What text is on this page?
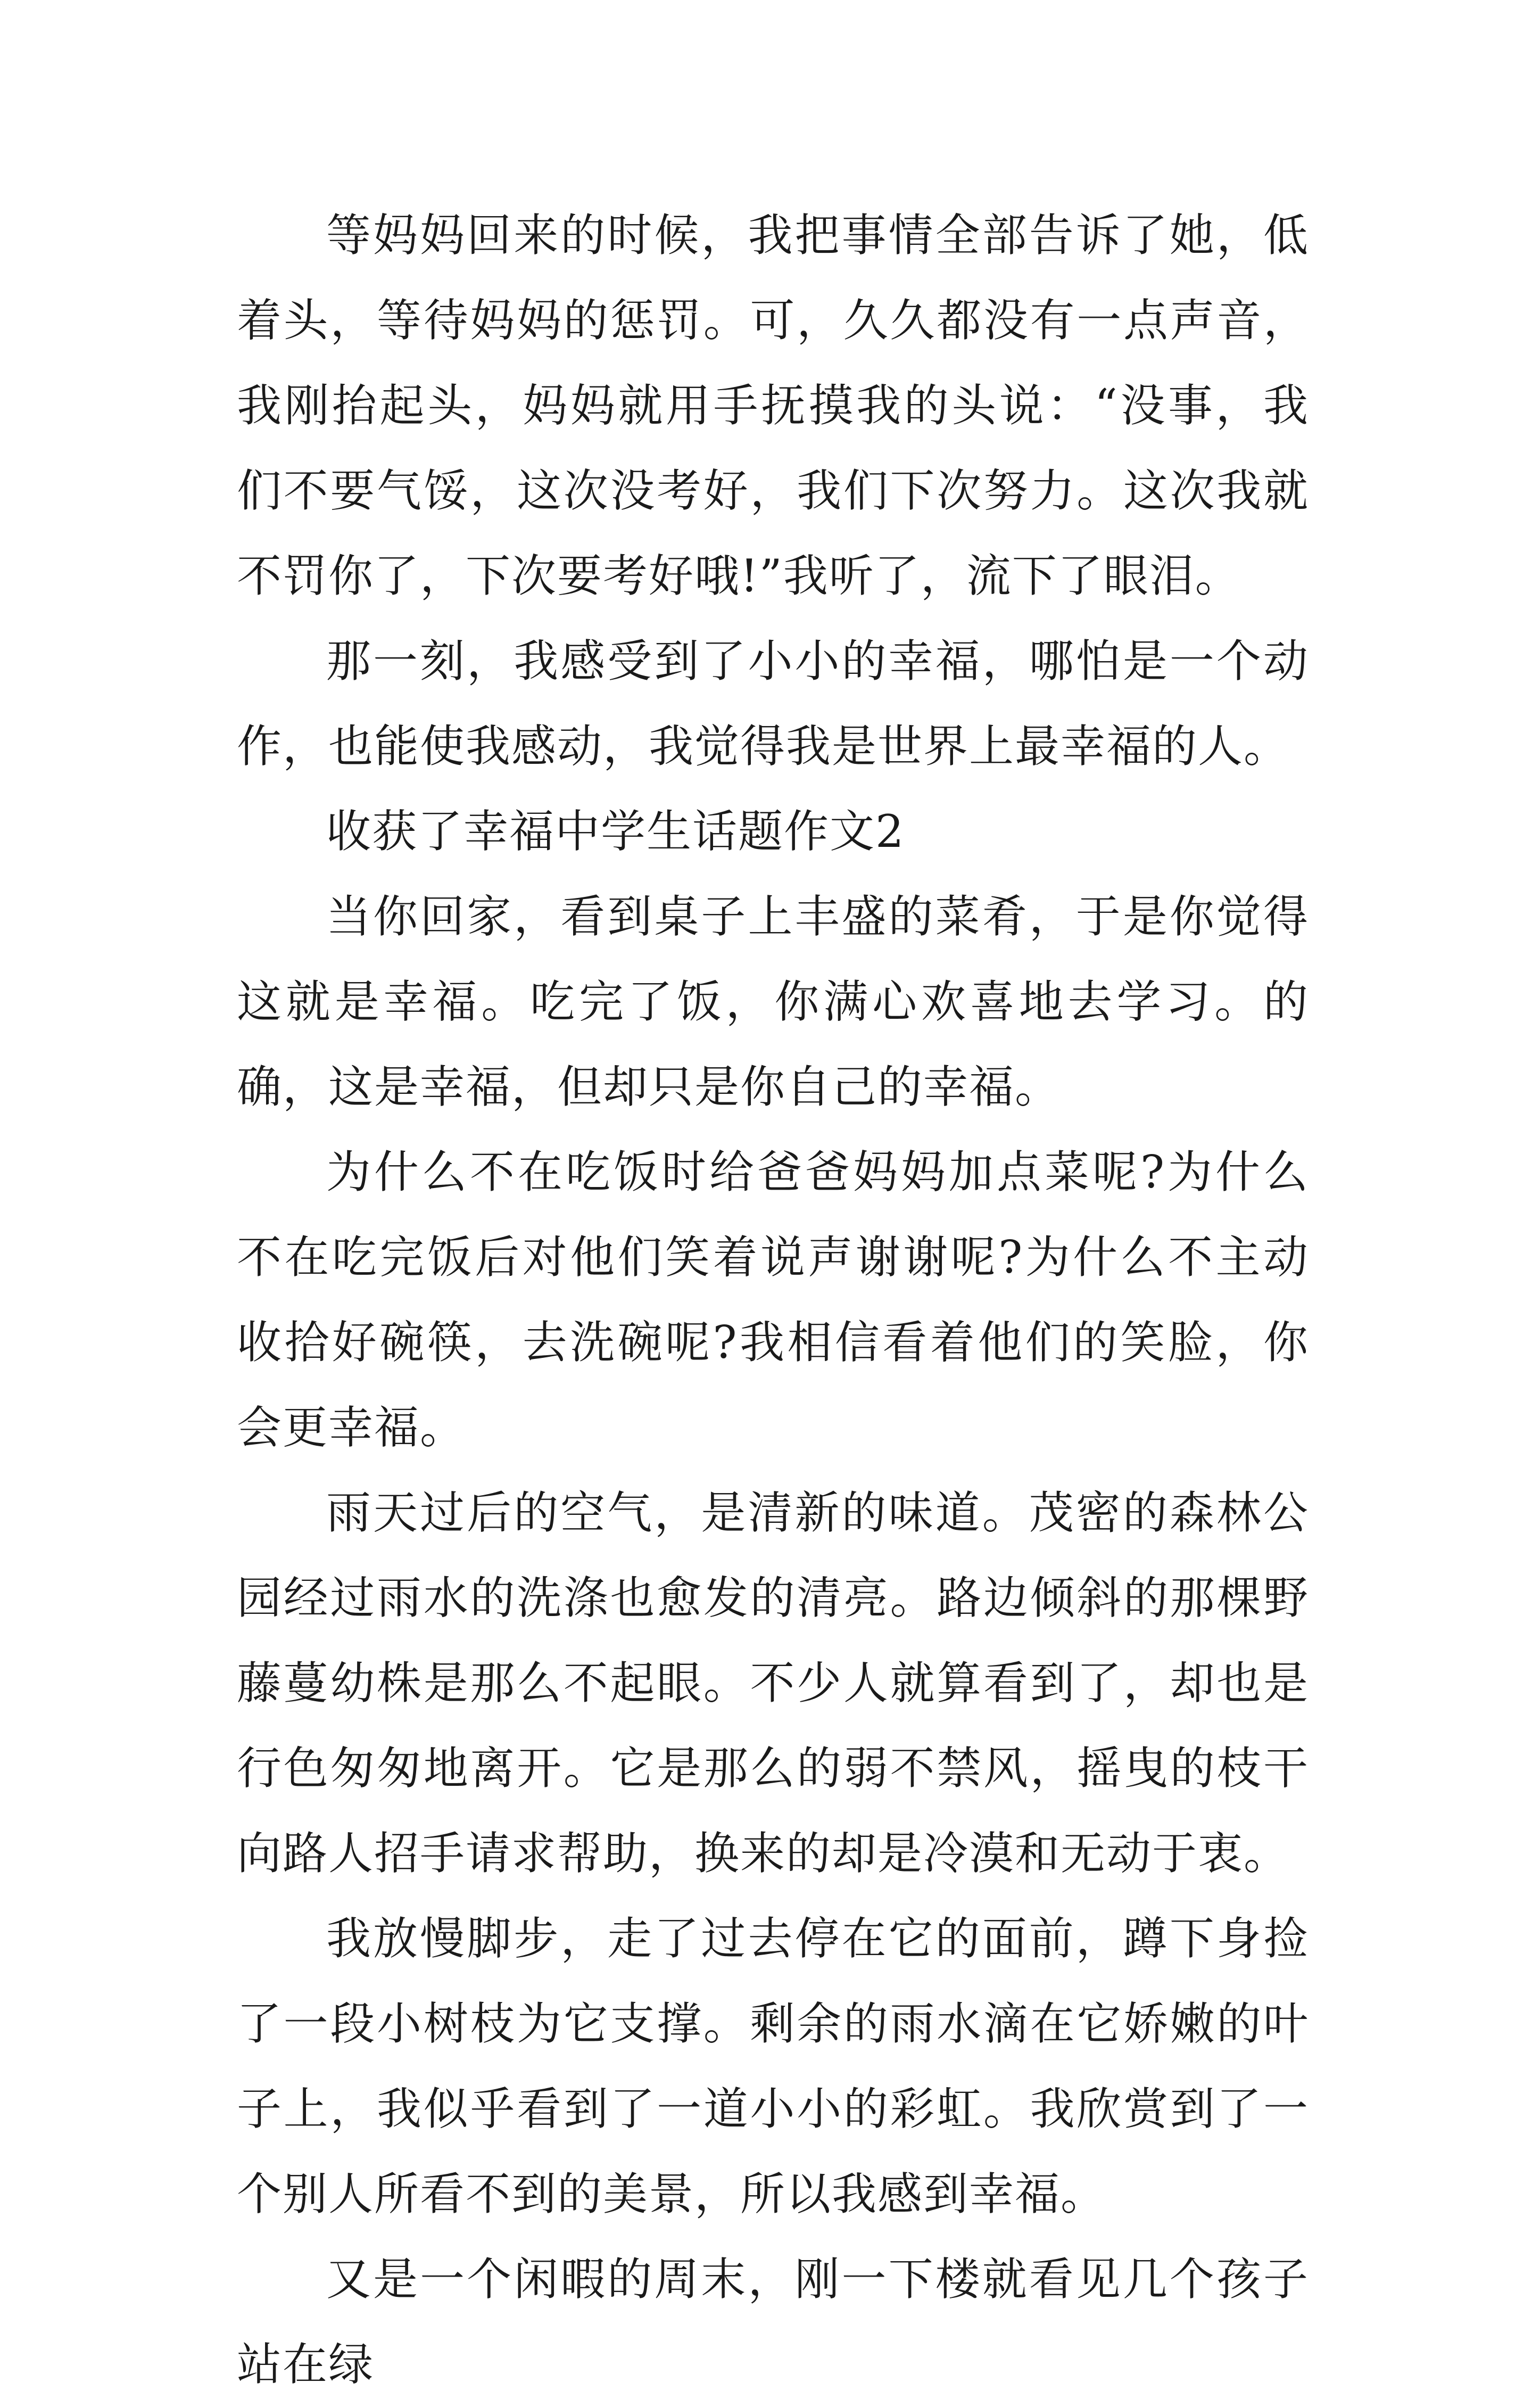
等妈妈回来的时候，我把事情全部告诉了她，低着头，等待妈妈的惩罚。可，久久都没有一点声音，我刚抬起头，妈妈就用手抚摸我的头说：“没事，我们不要气馁，这次没考好，我们下次努力。这次我就不罚你了，下次要考好哦!”我听了，流下了眼泪。

那一刻，我感受到了小小的幸福，哪怕是一个动作，也能使我感动，我觉得我是世界上最幸福的人。

收获了幸福中学生话题作文2

当你回家，看到桌子上丰盛的菜肴，于是你觉得这就是幸福。吃完了饭，你满心欢喜地去学习。的确，这是幸福，但却只是你自己的幸福。

为什么不在吃饭时给爸爸妈妈加点菜呢?为什么不在吃完饭后对他们笑着说声谢谢呢?为什么不主动收拾好碗筷，去洗碗呢?我相信看着他们的笑脸，你会更幸福。

雨天过后的空气，是清新的味道。茂密的森林公园经过雨水的洗涤也愈发的清亮。路边倾斜的那棵野藤蔓幼株是那么不起眼。不少人就算看到了，却也是行色匆匆地离开。它是那么的弱不禁风，摇曳的枝干向路人招手请求帮助，换来的却是冷漠和无动于衷。

我放慢脚步，走了过去停在它的面前，蹲下身捡了一段小树枝为它支撑。剩余的雨水滴在它娇嫩的叶子上，我似乎看到了一道小小的彩虹。我欣赏到了一个别人所看不到的美景，所以我感到幸福。

又是一个闲暇的周末，刚一下楼就看见几个孩子站在绿
